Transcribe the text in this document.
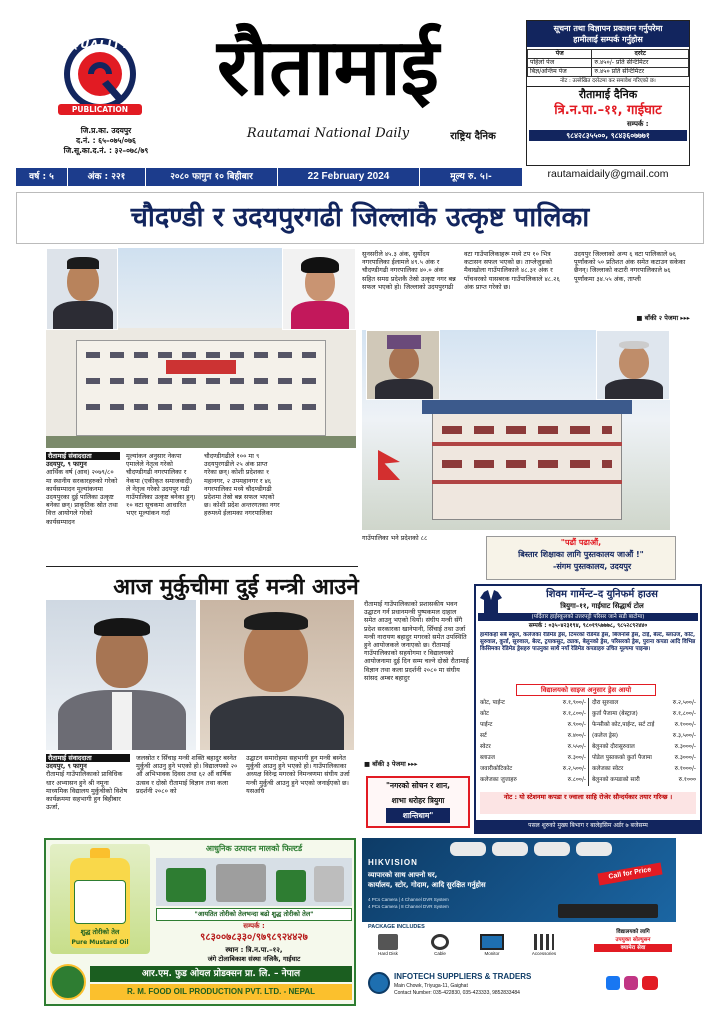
QUALITY
PUBLICATION
जि.प्र.का. उदयपुर
द.नं. : ६५–०७५/०७६
जि.सू.का.द.नं. : ३२–०७८/७९
रौतामाई
Rautamai National Daily	राष्ट्रिय दैनिक
सूचना तथा विज्ञापन प्रकाशन गर्नुपरेमा
हामीलाई सम्पर्क गर्नुहोस
पेज	दररेट
पहिलो पेज	रु.४५०/- प्रति सेन्टिमिटर
बिज्ञ/अन्तिम पेज	रु.४५० प्रति सेन्टिमिटर
नोट : उल्लेखित दररेटमा कर समावेश गरिएको छ।
रौतामाई दैनिक
त्रि.न.पा.–११, गाईघाट
सम्पर्क :
९८४२८३५५००, ९८४३६०७७७१
rautamaidaily@gmail.com
वर्ष : ५	अंक : २२१	२०८० फागुन १० बिहीबार	22 February 2024	मूल्य रु. ५।-
चौदण्डी र उदयपुरगढी जिल्लाकै उत्कृष्ट पालिका
रौतामाई संवाददाता
उदयपुर, ९ फागुन
आर्थिक वर्ष (आव) २०७९/८० मा स्थानीय सरकारहरुको गरेको कार्यसम्पादन मूल्यांकनमा उदयपुरका दुई पालिका उत्कृष्ट बनेका छन्। प्राकृतिक स्रोत तथा वित्त आयोगले गरेको कार्यसम्पादन
मूल्यांकन अनुसार नेकपा एमालेले नेतृत्व गरेको चौदण्डीगढी नगरपालिका र नेकपा (एकीकृत समाजवादी) ले नेतृत्व गरेको उदयपुर गढी गाउँपालिका उत्कृष्ट बनेका हुन्। १० वटा सूचकमा आधारित भएर मूल्यांकन गर्दा
चौदण्डीगढीले १०० मा ९ उदयपुरगढीले २५ अंक प्राप्त गरेका छन्। कोशी प्रदेशका १ महानगर, २ उपमहानगर र ४६ नगरपालिका मध्ये चौदण्डीगढी प्रदेशमा तेस्रो बन्न सफल भएको छ। कोशी प्रदेश अन्तरगतका नगर हरुमध्ये ईलामका नगरपालिका
सुनसरीले ४५.३ अंक, सुर्योदय नगरपालिका ईलामले ४९.५ अंक र चौदण्डीगढी नगरपालिका ४०.० अंक सहित समग्र प्रदेशकै तेस्रो उत्कृष्ट नगर बन्न सफल भएको हो। जिल्लाको उदयपुरगढी
वटा गाउँपालिकाहरू मध्ये टप १० भित्र कटासन सफल भएको छ। ताप्लेजुङको मैवाखोला गाउँपालिकाले ४८.३१ अंक र पाँचथरको यासबरक गाउँपालिकाले ४८.२६ अंक प्राप्त गरेको छ।
उदयपुर जिल्लाको अन्य ६ वटा पालिकाले ७६ पूर्णांकको ५० प्रतिशत अंक समेत कटाउन सकेका छैनन्। जिल्लाको कटारी नगरपालिकाले ७६ पूर्णांकमा ३४.५५ अंक, ताप्ली
■ बाँकी २ पेजमा ▸▸▸
गाउँपालिका भने प्रदेशको ८८	"पढौं पढाऔं,
बिस्तार शिक्षाका लागि पुस्तकालय जाऔं !"
-संगम पुस्तकालय, उदयपुर
आज मुर्कुचीमा दुई मन्त्री आउने
रौतामाई संवाददाता
उदयपुर, ९ फागुन
रौतामाई गाउँपालिकाको प्राविधिक धार अभ्यासन हुने श्री नमूना माध्यमिक विद्यालय मुर्कुचीको विशेष कार्यक्रममा सहभागी हुन बिहीबार ऊर्जा,
जलस्रोत र सिँचाइ मन्त्री शक्ति बहादुर बस्नेत मुर्कुची आउनु हुने भएको हो। विद्यालयको २० औं अभिभावक दिवस तथा ६२ औं वार्षिक उत्सव र दोस्रो रौतामाई विज्ञान तथा कला प्रदर्शनी २०८० को
उद्घाटन समारोहमा सहभागी हुन मन्त्री बस्नेत मुर्कुची आउनु हुने भएको हो। गाउँपालिकाका अध्यक्ष विरेन्द्र मगरको निमन्त्रणमा संघीय उर्जा मन्त्री मुर्कुची आउनु हुने भएको जनाईएको छ। यसअघि
रौतामाई गाउँपालिकाको प्रशासकीय भवन उद्घाटन गर्न प्रधानमन्त्री पुष्पकमल दाहाल समेत आउनु भएको थियो। संघीय मन्त्री सँगै प्रदेश सरकारका खानेपानी, सिँचाई तथा उर्जा मन्त्री नारायण बहादुर मगरको समेत उपस्थिति हुने आयोजकले जनाएको छ। रौतामाई गाउँपालिकाको सहयोगमा र विद्यालयको आयोजनामा दुई दिन सम्म चल्ने दोस्रो रौतामाई विज्ञान तथा कला प्रदर्शनी २०८० मा संघीय सांसद अम्बर बहादुर
■ बाँकी ३ पेजमा ▸▸▸
"नगरको सोचन र शान,
शाभा धरोहर त्रियुगा
शान्तिधाम"
शिवम गार्मेन्ट–द युनिफर्म हाउस
त्रियुगा–११, गाईघाट सिद्धार्थ टोल
(पर्दितार हाईस्कूलको उत्तरपट्टी परिसर जाने सडी बाटोमा)
सम्पर्क : ०३५–४२३१९४, ९८०१९५७७७८, ९८५२८९२४४०
हामीकहाँ सबै स्कूल, कलेजका रेडिमेड ड्रेस, टिमरको रेडिमेड ड्रेस, बिजनसि ड्रेस, टाई, बेल्ट, ब्लाउज, कोट, सुरुवाल, कुर्ता, सुरुवाल, बेल्ट, ट्रयाकसुट, ट्याक, बेलुनको ड्रेस, परिसरको ड्रेस, पुराना कपडा आदि विभिन्न किसिमका रेडिमेड ड्रेसहरु पाउनुका साथै नयाँ रेडिमेड कपडाहरु उचित मूल्यमा पाइन्छ।
विद्यालयको साइज अनुसार ड्रेस आयो
कोट, पाईन्ट	रु.१,९००/-
कोट	रु.१,८००/-
पाईन्ट	रु.९००/-
सर्ट	रु.४००/-
स्वेटर	रु.५५०/-
ब्लाउज	रु.३००/-
जवारीकोटिकोट	रु.२,५००/-
कलेजका जुत्ताहरु	रु.८००/-
दौरा सुरुवाल	रु.२,५००/-
कुर्ता पैजामा (बेस्ट्राज)	रु.१,८००/-
फेन्सीको कोट,पाईन्ट, सर्ट टाई	रु.१०००/-
(कलेज ड्रेस)	रु.३,५००/-
बेलुनको दौरासुरुवाल	रु.३०००/-
पोडेल पुस्तकको कुर्ता पैजामा	रु.३०००/-
कलेजका स्वेटर	रु.१०००/-
बेलुनको कपडाको सारी	रु.१०००
नोट : यो स्टेशनमा कपडा र ज्वाला साहि रोजेर सौन्दर्यकार तयार गरिन्छ ।
पसल शुरुको मुख्य बिभाग र बालेइसिम अर्डर ७ बजेसम्म
आधुनिक उत्पादन मालको फिल्टर्ड
शुद्ध तोरीको तेल
Pure Mustard Oil
"आयतित तोरीको तेलभन्दा बढो शुद्ध तोरीको तेल"
सम्पर्क :
९८३००७८३३०/९७९८९२४४२७
स्थान : त्रि.न.पा.–१२,
जंगे टोलाबिकाश संस्था नजिकै, गाईघाट
आर.एम. फुड ओयल प्रोडक्सन प्रा. लि. – नेपाल
R. M. FOOD OIL PRODUCTION PVT. LTD. - NEPAL
HIKVISION
व्यापारको साथ आफ्नो घर,
कार्यालय, स्टोर, गोदाम, आदि सुरक्षित गर्नुहोस
4 PCs Camera | 4 Channel DVR System
4 PCs Camera | 8 Channel DVR System
Call for Price
PACKAGE INCLUDES
Hard Disk	Cable	Monitor	Accessories
विद्यालयको लागि
उपयुक्त सोल्युसन
क्यामेरा सेवा
INFOTECH SUPPLIERS & TRADERS
Main Chowk, Triyuga-11, Gaighat
Contact Number: 035-422830, 035-423333, 9852833484
